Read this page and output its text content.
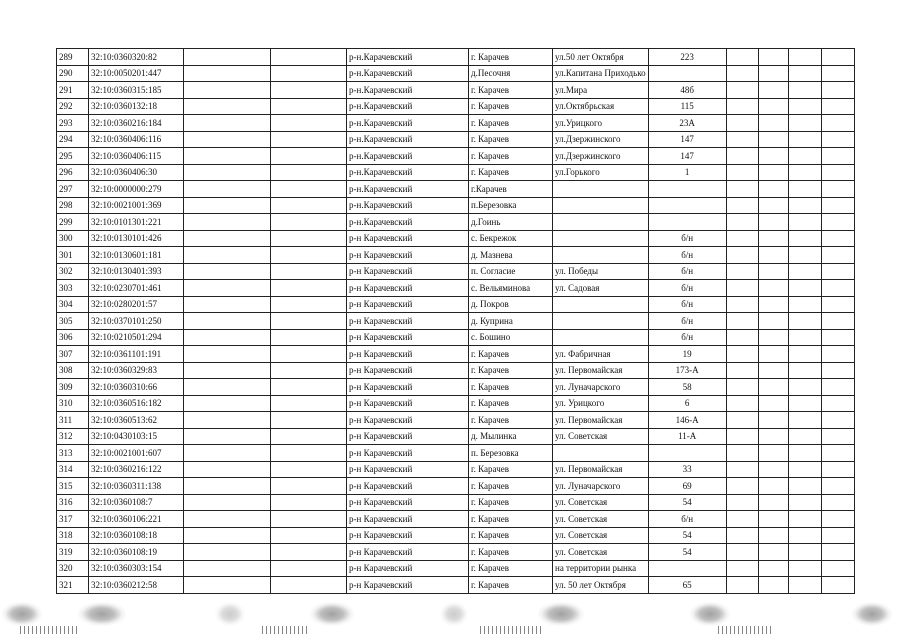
289	32:10:0360320:82			р-н.Карачевский	г. Карачев	ул.50 лет Октября	223				
290	32:10:0050201:447			р-н.Карачевский	д.Песочня	ул.Капитана Приходько					
291	32:10:0360315:185			р-н.Карачевский	г. Карачев	ул.Мира	48б				
292	32:10:0360132:18			р-н.Карачевский	г. Карачев	ул.Октябрьская	115				
293	32:10:0360216:184			р-н.Карачевский	г. Карачев	ул.Урицкого	23А				
294	32:10:0360406:116			р-н.Карачевский	г. Карачев	ул.Дзержинского	147				
295	32:10:0360406:115			р-н.Карачевский	г. Карачев	ул.Дзержинского	147				
296	32:10:0360406:30			р-н.Карачевский	г. Карачев	ул.Горького	1				
297	32:10:0000000:279			р-н.Карачевский	г.Карачев						
298	32:10:0021001:369			р-н.Карачевский	п.Березовка						
299	32:10:0101301:221			р-н.Карачевский	д.Гоинь						
300	32:10:0130101:426			р-н Карачевский	с. Бекрежок		б/н				
301	32:10:0130601:181			р-н Карачевский	д. Мазнева		б/н				
302	32:10:0130401:393			р-н Карачевский	п. Согласие	ул. Победы	б/н				
303	32:10:0230701:461			р-н Карачевский	с. Вельяминова	ул. Садовая	б/н				
304	32:10:0280201:57			р-н Карачевский	д. Покров		б/н				
305	32:10:0370101:250			р-н Карачевский	д. Куприна		б/н				
306	32:10:0210501:294			р-н Карачевский	с. Бошино		б/н				
307	32:10:0361101:191			р-н Карачевский	г. Карачев	ул. Фабричная	19				
308	32:10:0360329:83			р-н Карачевский	г. Карачев	ул. Первомайская	173-А				
309	32:10:0360310:66			р-н Карачевский	г. Карачев	ул. Луначарского	58				
310	32:10:0360516:182			р-н Карачевский	г. Карачев	ул. Урицкого	6				
311	32:10:0360513:62			р-н Карачевский	г. Карачев	ул. Первомайская	146-А				
312	32:10:0430103:15			р-н Карачевский	д. Мылинка	ул. Советская	11-А				
313	32:10:0021001:607			р-н Карачевский	п. Березовка						
314	32:10:0360216:122			р-н Карачевский	г. Карачев	ул. Первомайская	33				
315	32:10:0360311:138			р-н Карачевский	г. Карачев	ул. Луначарского	69				
316	32:10:0360108:7			р-н Карачевский	г. Карачев	ул. Советская	54				
317	32:10:0360106:221			р-н Карачевский	г. Карачев	ул. Советская	б/н				
318	32:10:0360108:18			р-н Карачевский	г. Карачев	ул. Советская	54				
319	32:10:0360108:19			р-н Карачевский	г. Карачев	ул. Советская	54				
320	32:10:0360303:154			р-н Карачевский	г. Карачев	на территории рынка					
321	32:10:0360212:58			р-н Карачевский	г. Карачев	ул. 50 лет Октября	65				
